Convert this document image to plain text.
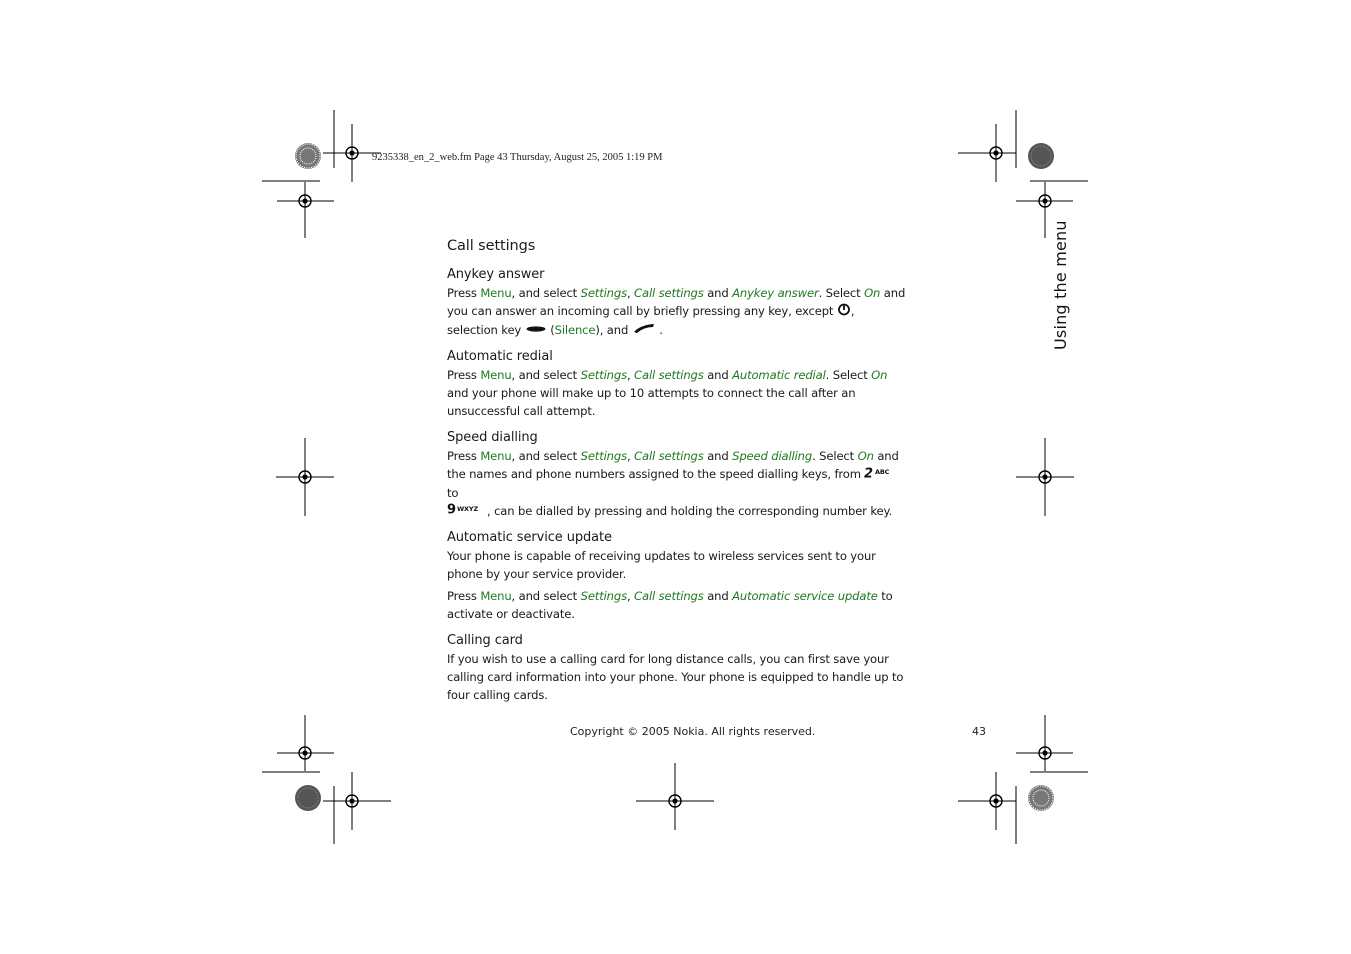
9235338_en_2_web.fm Page 43 Thursday, August 25, 2005 1:19 PM
Using the menu
Call settings
Anykey answer

Press Menu, and select Settings, Call settings and Anykey answer. Select On and you can answer an incoming call by briefly pressing any key, except , selection key  (Silence), and  .

Automatic redial

Press Menu, and select Settings, Call settings and Automatic redial. Select On and your phone will make up to 10 attempts to connect the call after an unsuccessful call attempt.

Speed dialling

Press Menu, and select Settings, Call settings and Speed dialling. Select On and the names and phone numbers assigned to the speed dialling keys, from 2 ABC
to

9 WXYZ , can be dialled by pressing and holding the corresponding number key.

Automatic service update

Your phone is capable of receiving updates to wireless services sent to your phone by your service provider.

Press Menu, and select Settings, Call settings and Automatic service update to activate or deactivate.

Calling card

If you wish to use a calling card for long distance calls, you can first save your calling card information into your phone. Your phone is equipped to handle up to four calling cards.

Copyright © 2005 Nokia. All rights reserved.	43
